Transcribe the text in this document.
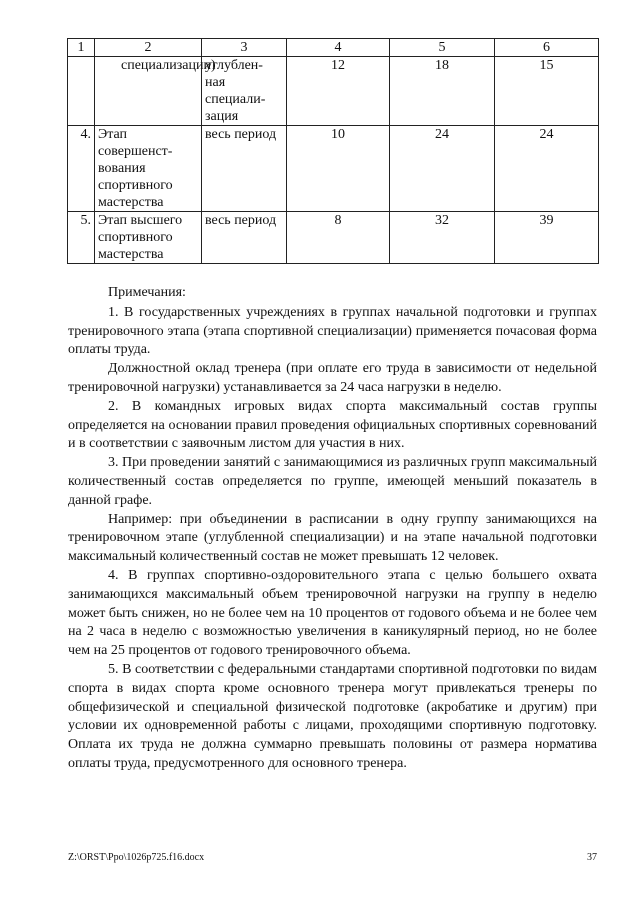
1	2	3	4	5	6
	специализации)	углублен-ная специали-зация	12	18	15
4.	Этап совершенст-вования спортивного мастерства	весь период	10	24	24
5.	Этап высшего спортивного мастерства	весь период	8	32	39

Примечания:

1. В государственных учреждениях в группах начальной подготовки и группах тренировочного этапа (этапа спортивной специализации) применяется почасовая форма оплаты труда.

Должностной оклад тренера (при оплате его труда в зависимости от недельной тренировочной нагрузки) устанавливается за 24 часа нагрузки в неделю.

2. В командных игровых видах спорта максимальный состав группы определяется на основании правил проведения официальных спортивных соревнований и в соответствии с заявочным листом для участия в них.

3. При проведении занятий с занимающимися из различных групп максимальный количественный состав определяется по группе, имеющей меньший показатель в данной графе.

Например: при объединении в расписании в одну группу занимающихся на тренировочном этапе (углубленной специализации) и на этапе начальной подготовки максимальный количественный состав не может превышать 12 человек.

4. В группах спортивно-оздоровительного этапа с целью большего охвата занимающихся максимальный объем тренировочной нагрузки на группу в неделю может быть снижен, но не более чем на 10 процентов от годового объема и не более чем на 2 часа в неделю с возможностью увеличения в каникулярный период, но не более чем на 25 процентов от годового тренировочного объема.

5. В соответствии с федеральными стандартами спортивной подготовки по видам спорта в видах спорта кроме основного тренера могут привлекаться тренеры по общефизической и специальной физической подготовке (акробатике и другим) при условии их одновременной работы с лицами, проходящими спортивную подготовку. Оплата их труда не должна суммарно превышать половины от размера норматива оплаты труда, предусмотренного для основного тренера.

Z:\ORST\Ppo\1026p725.f16.docx	37
